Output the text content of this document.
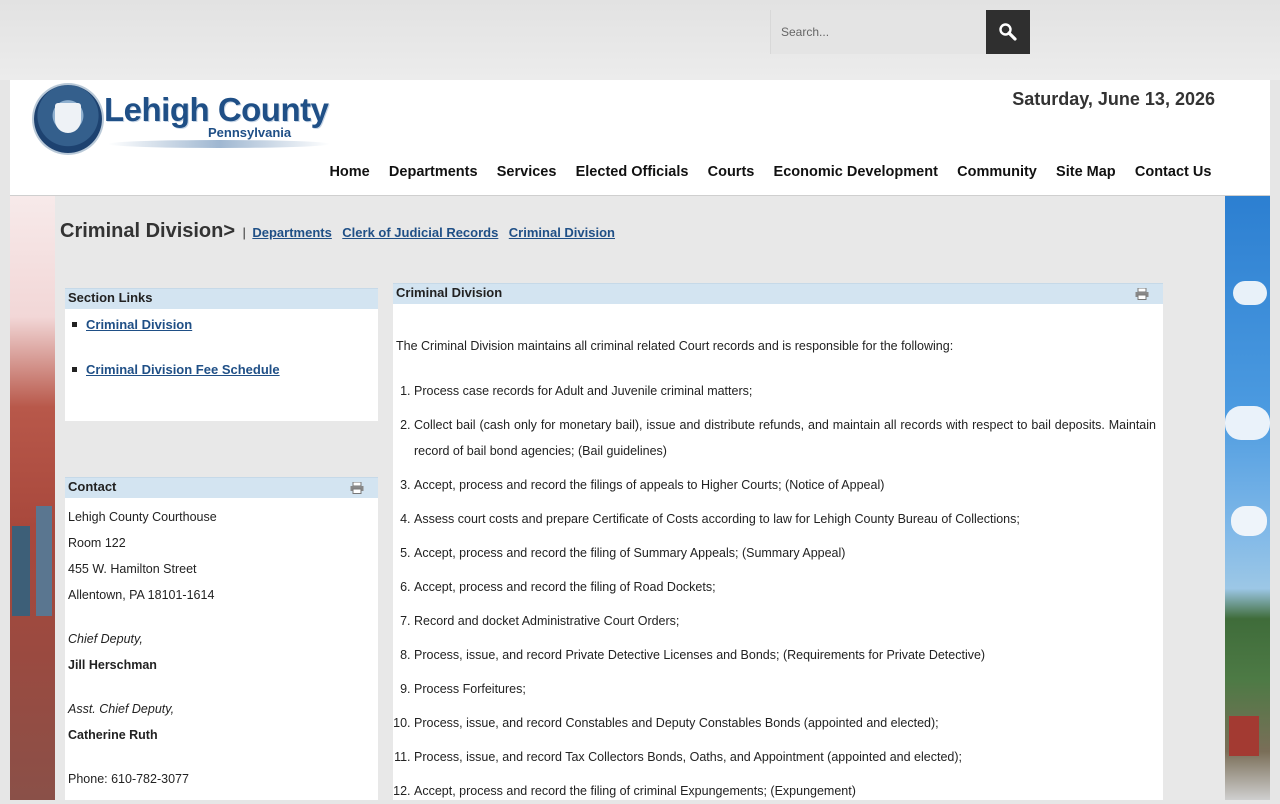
Search...
Lehigh County
Pennsylvania
Saturday, June 13, 2026
Home	Departments	Services	Elected Officials	Courts	Economic Development	Community	Site Map	Contact Us
Criminal Division> | Departments Clerk of Judicial Records Criminal Division
Section Links
Criminal Division
Criminal Division Fee Schedule
Contact
Lehigh County Courthouse
Room 122
455 W. Hamilton Street
Allentown, PA 18101-1614
Chief Deputy,
Jill Herschman
Asst. Chief Deputy,
Catherine Ruth
Phone: 610-782-3077
Criminal Division

The Criminal Division maintains all criminal related Court records and is responsible for the following:

1. Process case records for Adult and Juvenile criminal matters;
2. Collect bail (cash only for monetary bail), issue and distribute refunds, and maintain all records with respect to bail deposits. Maintain record of bail bond agencies; (Bail guidelines)
3. Accept, process and record the filings of appeals to Higher Courts; (Notice of Appeal)
4. Assess court costs and prepare Certificate of Costs according to law for Lehigh County Bureau of Collections;
5. Accept, process and record the filing of Summary Appeals; (Summary Appeal)
6. Accept, process and record the filing of Road Dockets;
7. Record and docket Administrative Court Orders;
8. Process, issue, and record Private Detective Licenses and Bonds; (Requirements for Private Detective)
9. Process Forfeitures;
10. Process, issue, and record Constables and Deputy Constables Bonds (appointed and elected);
11. Process, issue, and record Tax Collectors Bonds, Oaths, and Appointment (appointed and elected);
12. Accept, process and record the filing of criminal Expungements; (Expungement)
